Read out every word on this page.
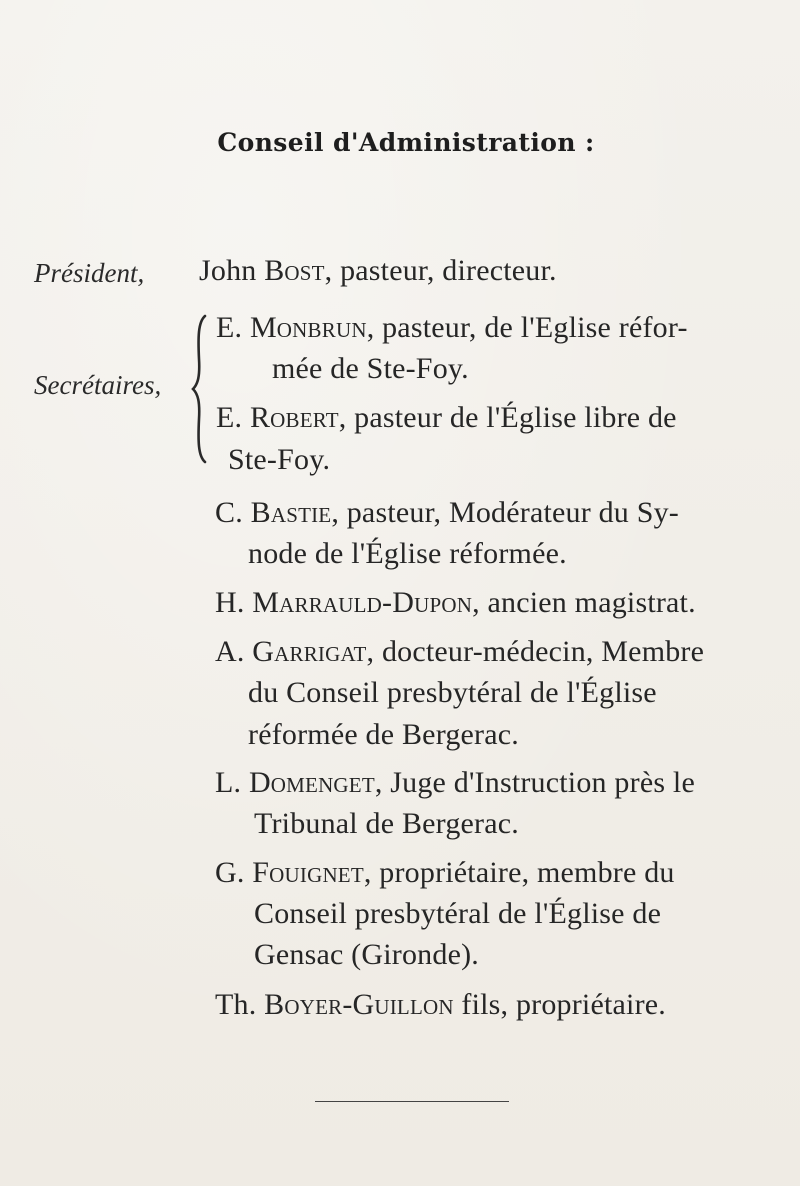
Conseil d'Administration :
Président, John Bost, pasteur, directeur.
Secrétaires,
E. Monbrun, pasteur, de l'Eglise réfor-
mée de Ste-Foy.
E. Robert, pasteur de l'Église libre de
Ste-Foy.
C. Bastie, pasteur, Modérateur du Sy-
node de l'Église réformée.
H. Marrauld-Dupon, ancien magistrat.
A. Garrigat, docteur-médecin, Membre
du Conseil presbytéral de l'Église
réformée de Bergerac.
L. Domenget, Juge d'Instruction près le
Tribunal de Bergerac.
G. Fouignet, propriétaire, membre du
Conseil presbytéral de l'Église de
Gensac (Gironde).
Th. Boyer-Guillon fils, propriétaire.
